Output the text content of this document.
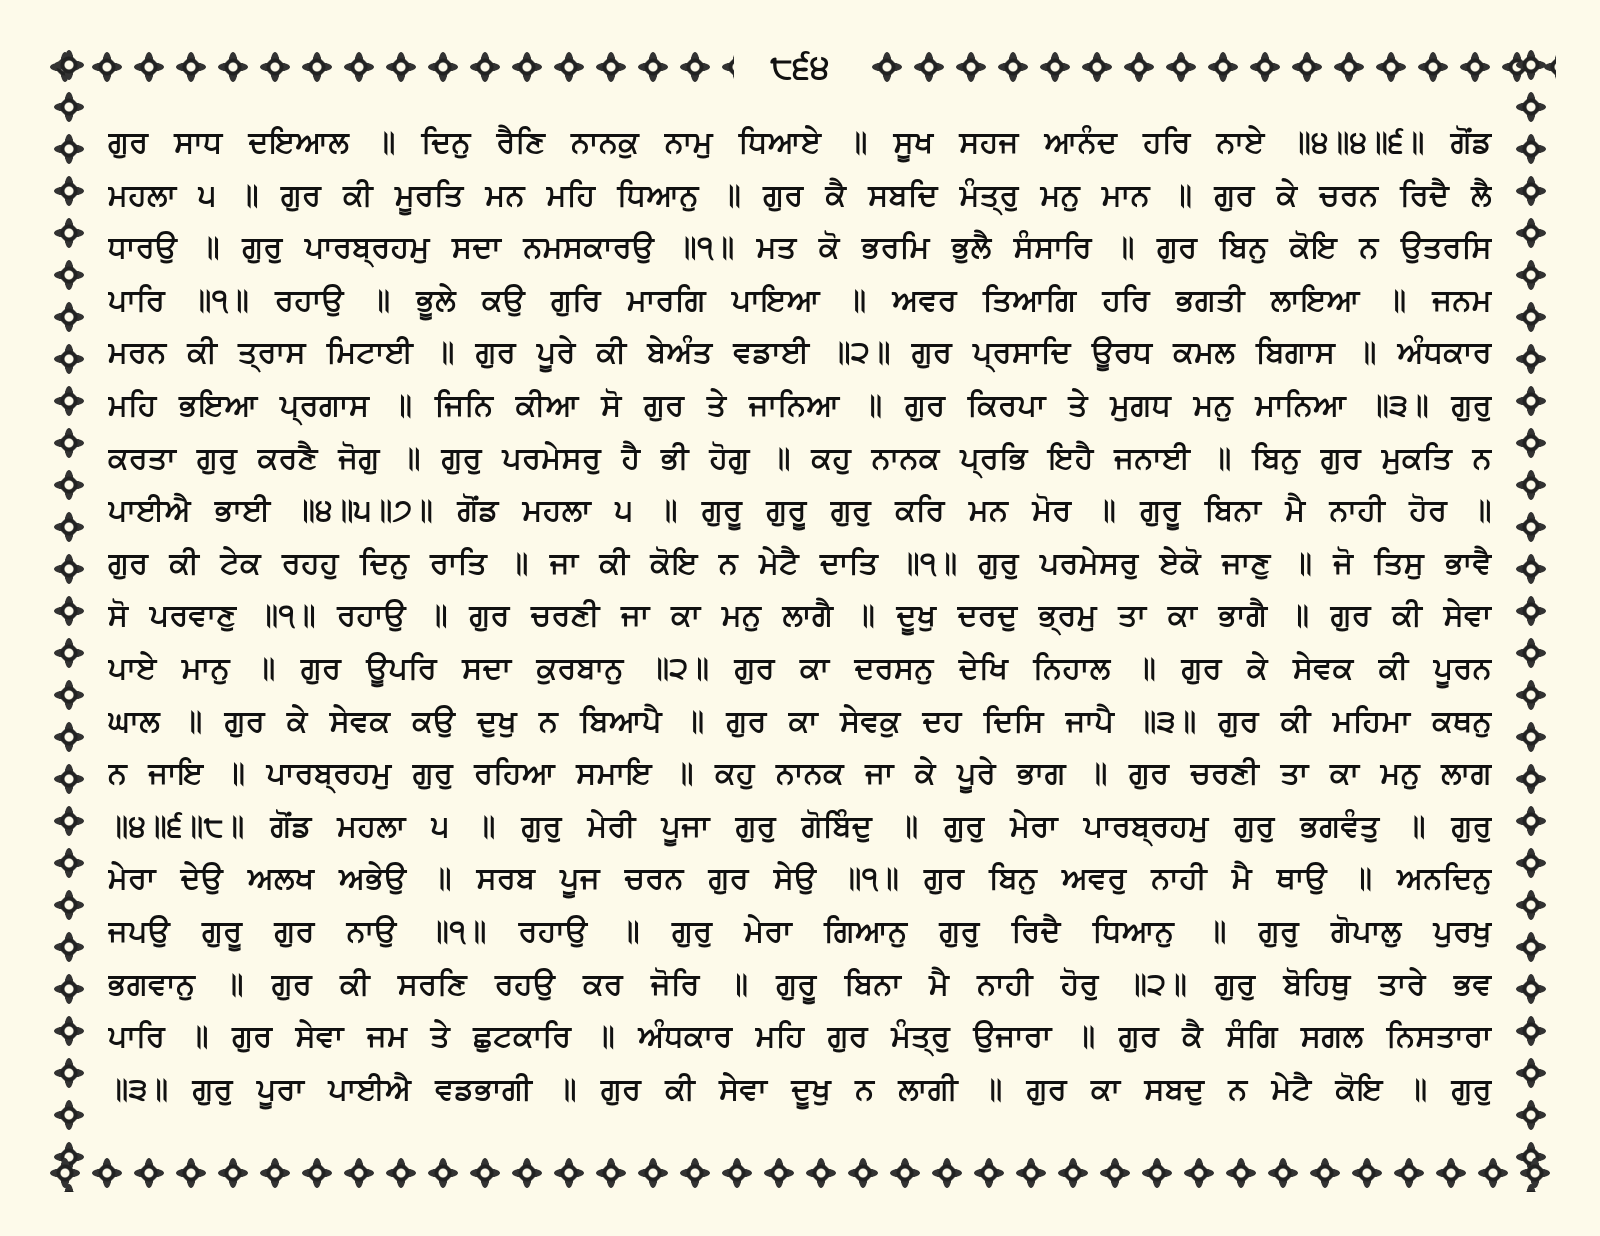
੮੬੪
ਗੁਰ ਸਾਧ ਦਇਆਲ ॥ ਦਿਨੁ ਰੈਣਿ ਨਾਨਕੁ ਨਾਮੁ ਧਿਆਏ ॥ ਸੂਖ ਸਹਜ ਆਨੰਦ ਹਰਿ ਨਾਏ ॥੪॥੪॥੬॥ ਗੋਂਡ
ਮਹਲਾ ੫ ॥ ਗੁਰ ਕੀ ਮੂਰਤਿ ਮਨ ਮਹਿ ਧਿਆਨੁ ॥ ਗੁਰ ਕੈ ਸਬਦਿ ਮੰਤ੍ਰੁ ਮਨੁ ਮਾਨ ॥ ਗੁਰ ਕੇ ਚਰਨ ਰਿਦੈ ਲੈ
ਧਾਰਉ ॥ ਗੁਰੁ ਪਾਰਬ੍ਰਹਮੁ ਸਦਾ ਨਮਸਕਾਰਉ ॥੧॥ ਮਤ ਕੋ ਭਰਮਿ ਭੁਲੈ ਸੰਸਾਰਿ ॥ ਗੁਰ ਬਿਨੁ ਕੋਇ ਨ ਉਤਰਸਿ
ਪਾਰਿ ॥੧॥ ਰਹਾਉ ॥ ਭੂਲੇ ਕਉ ਗੁਰਿ ਮਾਰਗਿ ਪਾਇਆ ॥ ਅਵਰ ਤਿਆਗਿ ਹਰਿ ਭਗਤੀ ਲਾਇਆ ॥ ਜਨਮ
ਮਰਨ ਕੀ ਤ੍ਰਾਸ ਮਿਟਾਈ ॥ ਗੁਰ ਪੂਰੇ ਕੀ ਬੇਅੰਤ ਵਡਾਈ ॥੨॥ ਗੁਰ ਪ੍ਰਸਾਦਿ ਊਰਧ ਕਮਲ ਬਿਗਾਸ ॥ ਅੰਧਕਾਰ
ਮਹਿ ਭਇਆ ਪ੍ਰਗਾਸ ॥ ਜਿਨਿ ਕੀਆ ਸੋ ਗੁਰ ਤੇ ਜਾਨਿਆ ॥ ਗੁਰ ਕਿਰਪਾ ਤੇ ਮੁਗਧ ਮਨੁ ਮਾਨਿਆ ॥੩॥ ਗੁਰੁ
ਕਰਤਾ ਗੁਰੁ ਕਰਣੈ ਜੋਗੁ ॥ ਗੁਰੁ ਪਰਮੇਸਰੁ ਹੈ ਭੀ ਹੋਗੁ ॥ ਕਹੁ ਨਾਨਕ ਪ੍ਰਭਿ ਇਹੈ ਜਨਾਈ ॥ ਬਿਨੁ ਗੁਰ ਮੁਕਤਿ ਨ
ਪਾਈਐ ਭਾਈ ॥੪॥੫॥੭॥ ਗੋਂਡ ਮਹਲਾ ੫ ॥ ਗੁਰੂ ਗੁਰੂ ਗੁਰੁ ਕਰਿ ਮਨ ਮੋਰ ॥ ਗੁਰੂ ਬਿਨਾ ਮੈ ਨਾਹੀ ਹੋਰ ॥
ਗੁਰ ਕੀ ਟੇਕ ਰਹਹੁ ਦਿਨੁ ਰਾਤਿ ॥ ਜਾ ਕੀ ਕੋਇ ਨ ਮੇਟੈ ਦਾਤਿ ॥੧॥ ਗੁਰੁ ਪਰਮੇਸਰੁ ਏਕੋ ਜਾਣੁ ॥ ਜੋ ਤਿਸੁ ਭਾਵੈ
ਸੋ ਪਰਵਾਣੁ ॥੧॥ ਰਹਾਉ ॥ ਗੁਰ ਚਰਣੀ ਜਾ ਕਾ ਮਨੁ ਲਾਗੈ ॥ ਦੂਖੁ ਦਰਦੁ ਭ੍ਰਮੁ ਤਾ ਕਾ ਭਾਗੈ ॥ ਗੁਰ ਕੀ ਸੇਵਾ
ਪਾਏ ਮਾਨੁ ॥ ਗੁਰ ਊਪਰਿ ਸਦਾ ਕੁਰਬਾਨੁ ॥੨॥ ਗੁਰ ਕਾ ਦਰਸਨੁ ਦੇਖਿ ਨਿਹਾਲ ॥ ਗੁਰ ਕੇ ਸੇਵਕ ਕੀ ਪੂਰਨ
ਘਾਲ ॥ ਗੁਰ ਕੇ ਸੇਵਕ ਕਉ ਦੁਖੁ ਨ ਬਿਆਪੈ ॥ ਗੁਰ ਕਾ ਸੇਵਕੁ ਦਹ ਦਿਸਿ ਜਾਪੈ ॥੩॥ ਗੁਰ ਕੀ ਮਹਿਮਾ ਕਥਨੁ
ਨ ਜਾਇ ॥ ਪਾਰਬ੍ਰਹਮੁ ਗੁਰੁ ਰਹਿਆ ਸਮਾਇ ॥ ਕਹੁ ਨਾਨਕ ਜਾ ਕੇ ਪੂਰੇ ਭਾਗ ॥ ਗੁਰ ਚਰਣੀ ਤਾ ਕਾ ਮਨੁ ਲਾਗ
॥੪॥੬॥੮॥ ਗੋਂਡ ਮਹਲਾ ੫ ॥ ਗੁਰੁ ਮੇਰੀ ਪੂਜਾ ਗੁਰੁ ਗੋਬਿੰਦੁ ॥ ਗੁਰੁ ਮੇਰਾ ਪਾਰਬ੍ਰਹਮੁ ਗੁਰੁ ਭਗਵੰਤੁ ॥ ਗੁਰੁ
ਮੇਰਾ ਦੇਉ ਅਲਖ ਅਭੇਉ ॥ ਸਰਬ ਪੂਜ ਚਰਨ ਗੁਰ ਸੇਉ ॥੧॥ ਗੁਰ ਬਿਨੁ ਅਵਰੁ ਨਾਹੀ ਮੈ ਥਾਉ ॥ ਅਨਦਿਨੁ
ਜਪਉ ਗੁਰੂ ਗੁਰ ਨਾਉ ॥੧॥ ਰਹਾਉ ॥ ਗੁਰੁ ਮੇਰਾ ਗਿਆਨੁ ਗੁਰੁ ਰਿਦੈ ਧਿਆਨੁ ॥ ਗੁਰੁ ਗੋਪਾਲੁ ਪੁਰਖੁ
ਭਗਵਾਨੁ ॥ ਗੁਰ ਕੀ ਸਰਣਿ ਰਹਉ ਕਰ ਜੋਰਿ ॥ ਗੁਰੂ ਬਿਨਾ ਮੈ ਨਾਹੀ ਹੋਰੁ ॥੨॥ ਗੁਰੁ ਬੋਹਿਥੁ ਤਾਰੇ ਭਵ
ਪਾਰਿ ॥ ਗੁਰ ਸੇਵਾ ਜਮ ਤੇ ਛੁਟਕਾਰਿ ॥ ਅੰਧਕਾਰ ਮਹਿ ਗੁਰ ਮੰਤ੍ਰੁ ਉਜਾਰਾ ॥ ਗੁਰ ਕੈ ਸੰਗਿ ਸਗਲ ਨਿਸਤਾਰਾ
॥੩॥ ਗੁਰੁ ਪੂਰਾ ਪਾਈਐ ਵਡਭਾਗੀ ॥ ਗੁਰ ਕੀ ਸੇਵਾ ਦੂਖੁ ਨ ਲਾਗੀ ॥ ਗੁਰ ਕਾ ਸਬਦੁ ਨ ਮੇਟੈ ਕੋਇ ॥ ਗੁਰੁ
